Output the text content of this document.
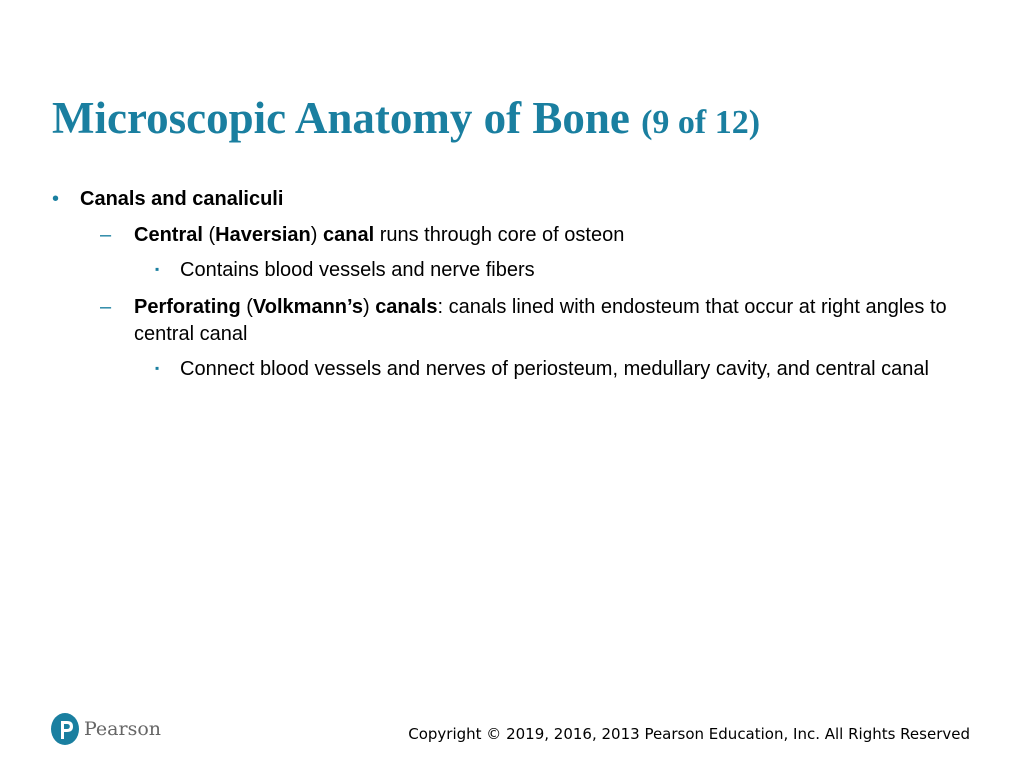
Microscopic Anatomy of Bone (9 of 12)
• Canals and canaliculi
– Central (Haversian) canal runs through core of osteon
▪ Contains blood vessels and nerve fibers
– Perforating (Volkmann’s) canals: canals lined with endosteum that occur at right angles to central canal
▪ Connect blood vessels and nerves of periosteum, medullary cavity, and central canal
Pearson	Copyright © 2019, 2016, 2013 Pearson Education, Inc. All Rights Reserved
